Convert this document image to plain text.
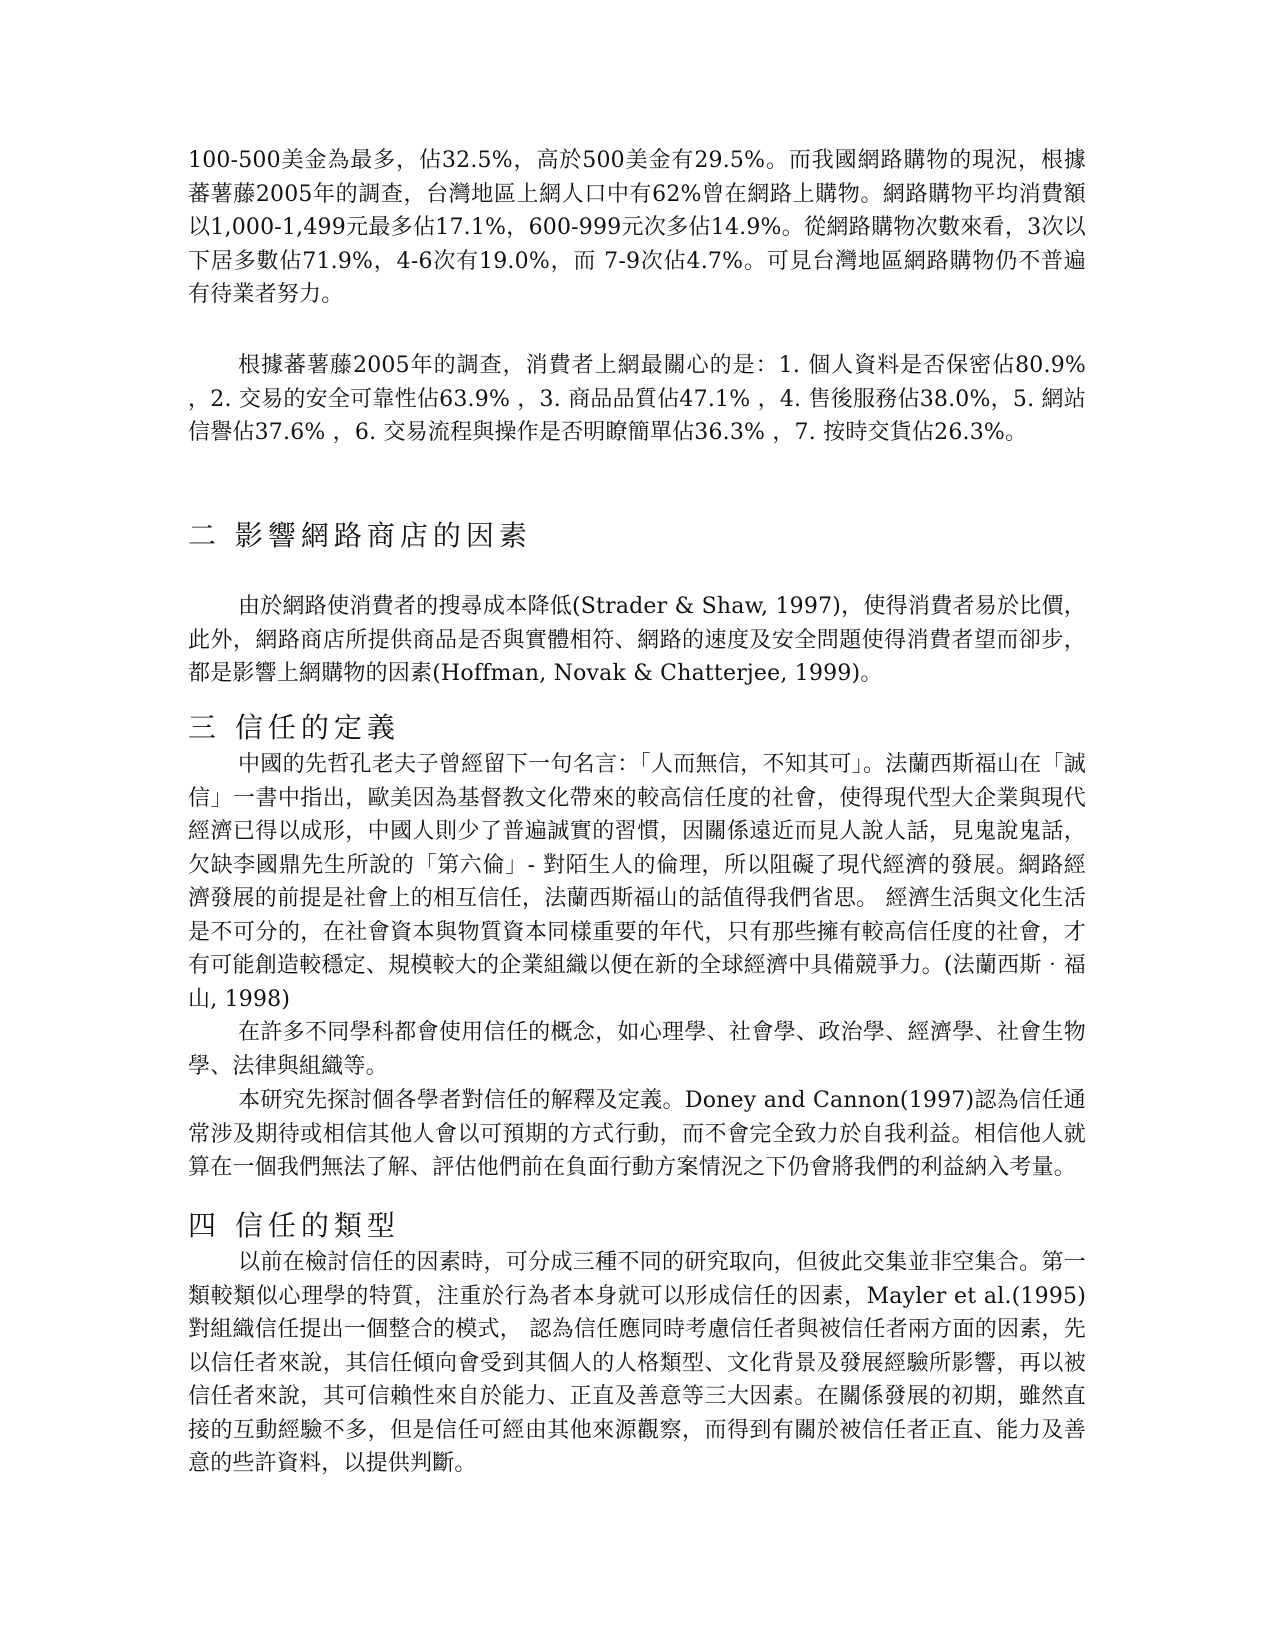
100-500美金為最多，佔32.5%，高於500美金有29.5%。而我國網路購物的現況，根據蕃薯藤2005年的調查，台灣地區上網人口中有62%曾在網路上購物。網路購物平均消費額以1,000-1,499元最多佔17.1%，600-999元次多佔14.9%。從網路購物次數來看，3次以下居多數佔71.9%，4-6次有19.0%，而 7-9次佔4.7%。可見台灣地區網路購物仍不普遍有待業者努力。

根據蕃薯藤2005年的調查，消費者上網最關心的是：1. 個人資料是否保密佔80.9% ，2. 交易的安全可靠性佔63.9% ，3. 商品品質佔47.1% ，4. 售後服務佔38.0%，5. 網站信譽佔37.6% ，6. 交易流程與操作是否明瞭簡單佔36.3% ，7. 按時交貨佔26.3%。

二 影響網路商店的因素

由於網路使消費者的搜尋成本降低(Strader & Shaw, 1997)，使得消費者易於比價，此外，網路商店所提供商品是否與實體相符、網路的速度及安全問題使得消費者望而卻步，都是影響上網購物的因素(Hoffman, Novak & Chatterjee, 1999)。

三 信任的定義

中國的先哲孔老夫子曾經留下一句名言：「人而無信，不知其可」。法蘭西斯福山在「誠信」一書中指出，歐美因為基督教文化帶來的較高信任度的社會，使得現代型大企業與現代經濟已得以成形，中國人則少了普遍誠實的習慣，因關係遠近而見人說人話，見鬼說鬼話，欠缺李國鼎先生所說的「第六倫」- 對陌生人的倫理，所以阻礙了現代經濟的發展。網路經濟發展的前提是社會上的相互信任，法蘭西斯福山的話值得我們省思。 經濟生活與文化生活是不可分的，在社會資本與物質資本同樣重要的年代，只有那些擁有較高信任度的社會，才有可能創造較穩定、規模較大的企業組織以便在新的全球經濟中具備競爭力。(法蘭西斯‧福山, 1998)

在許多不同學科都會使用信任的概念，如心理學、社會學、政治學、經濟學、社會生物學、法律與組織等。

本研究先探討個各學者對信任的解釋及定義。Doney and Cannon(1997)認為信任通常涉及期待或相信其他人會以可預期的方式行動，而不會完全致力於自我利益。相信他人就算在一個我們無法了解、評估他們前在負面行動方案情況之下仍會將我們的利益納入考量。

四 信任的類型

以前在檢討信任的因素時，可分成三種不同的研究取向，但彼此交集並非空集合。第一類較類似心理學的特質，注重於行為者本身就可以形成信任的因素，Mayler et al.(1995) 對組織信任提出一個整合的模式， 認為信任應同時考慮信任者與被信任者兩方面的因素，先以信任者來說，其信任傾向會受到其個人的人格類型、文化背景及發展經驗所影響，再以被信任者來說，其可信賴性來自於能力、正直及善意等三大因素。在關係發展的初期，雖然直接的互動經驗不多，但是信任可經由其他來源觀察，而得到有關於被信任者正直、能力及善意的些許資料，以提供判斷。
